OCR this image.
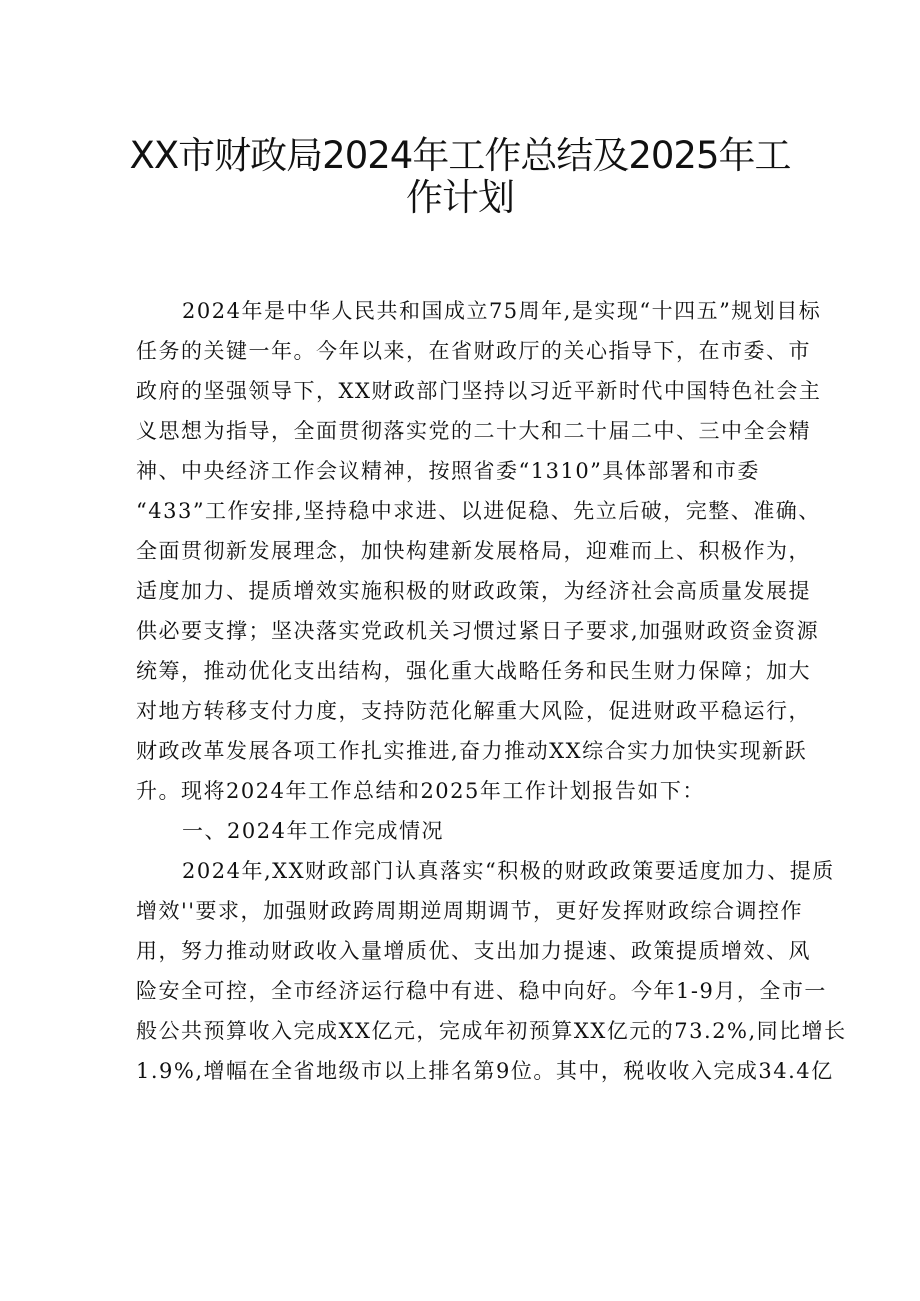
XX市财政局2024年工作总结及2025年工
作计划
2024年是中华人民共和国成立75周年,是实现“十四五”规划目标
任务的关键一年。今年以来，在省财政厅的关心指导下，在市委、市
政府的坚强领导下，XX财政部门坚持以习近平新时代中国特色社会主
义思想为指导，全面贯彻落实党的二十大和二十届二中、三中全会精
神、中央经济工作会议精神，按照省委“1310”具体部署和市委
“433”工作安排,坚持稳中求进、以进促稳、先立后破，完整、准确、
全面贯彻新发展理念，加快构建新发展格局，迎难而上、积极作为，
适度加力、提质增效实施积极的财政政策，为经济社会高质量发展提
供必要支撑；坚决落实党政机关习惯过紧日子要求,加强财政资金资源
统筹，推动优化支出结构，强化重大战略任务和民生财力保障；加大
对地方转移支付力度，支持防范化解重大风险，促进财政平稳运行，
财政改革发展各项工作扎实推进,奋力推动XX综合实力加快实现新跃
升。现将2024年工作总结和2025年工作计划报告如下：
一、2024年工作完成情况
2024年,XX财政部门认真落实“积极的财政政策要适度加力、提质
增效''要求，加强财政跨周期逆周期调节，更好发挥财政综合调控作
用，努力推动财政收入量增质优、支出加力提速、政策提质增效、风
险安全可控，全市经济运行稳中有进、稳中向好。今年1-9月，全市一
般公共预算收入完成XX亿元，完成年初预算XX亿元的73.2%,同比增长
1.9%,增幅在全省地级市以上排名第9位。其中，税收收入完成34.4亿
